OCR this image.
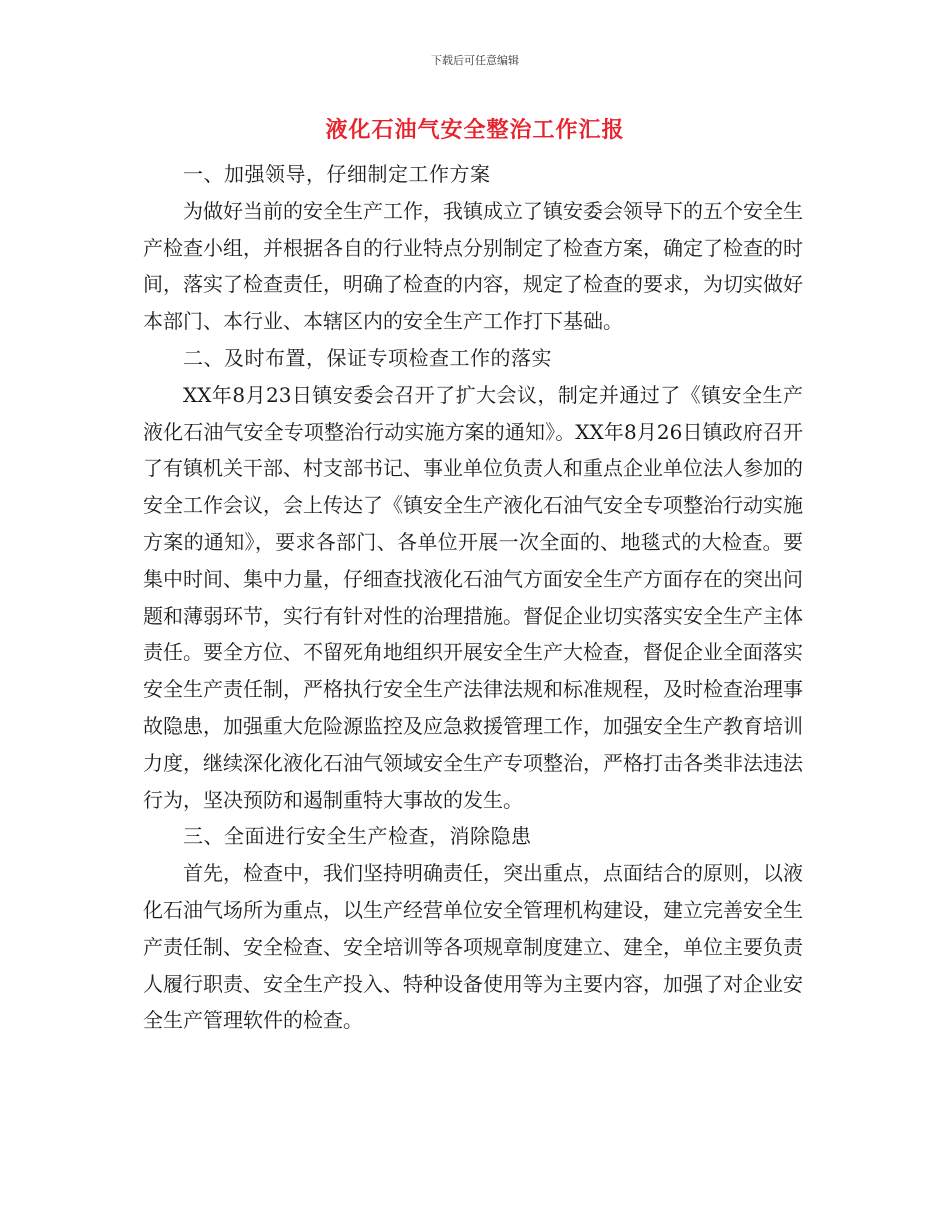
下载后可任意编辑
液化石油气安全整治工作汇报

一、加强领导，仔细制定工作方案

为做好当前的安全生产工作，我镇成立了镇安委会领导下的五个安全生产检查小组，并根据各自的行业特点分别制定了检查方案，确定了检查的时间，落实了检查责任，明确了检查的内容，规定了检查的要求，为切实做好本部门、本行业、本辖区内的安全生产工作打下基础。

二、及时布置，保证专项检查工作的落实

XX年8月23日镇安委会召开了扩大会议，制定并通过了《镇安全生产液化石油气安全专项整治行动实施方案的通知》。XX年8月26日镇政府召开了有镇机关干部、村支部书记、事业单位负责人和重点企业单位法人参加的安全工作会议，会上传达了《镇安全生产液化石油气安全专项整治行动实施方案的通知》，要求各部门、各单位开展一次全面的、地毯式的大检查。要集中时间、集中力量，仔细查找液化石油气方面安全生产方面存在的突出问题和薄弱环节，实行有针对性的治理措施。督促企业切实落实安全生产主体责任。要全方位、不留死角地组织开展安全生产大检查，督促企业全面落实安全生产责任制，严格执行安全生产法律法规和标准规程，及时检查治理事故隐患，加强重大危险源监控及应急救援管理工作，加强安全生产教育培训力度，继续深化液化石油气领域安全生产专项整治，严格打击各类非法违法行为，坚决预防和遏制重特大事故的发生。

三、全面进行安全生产检查，消除隐患

首先，检查中，我们坚持明确责任，突出重点，点面结合的原则，以液化石油气场所为重点，以生产经营单位安全管理机构建设，建立完善安全生产责任制、安全检查、安全培训等各项规章制度建立、建全，单位主要负责人履行职责、安全生产投入、特种设备使用等为主要内容，加强了对企业安全生产管理软件的检查。
